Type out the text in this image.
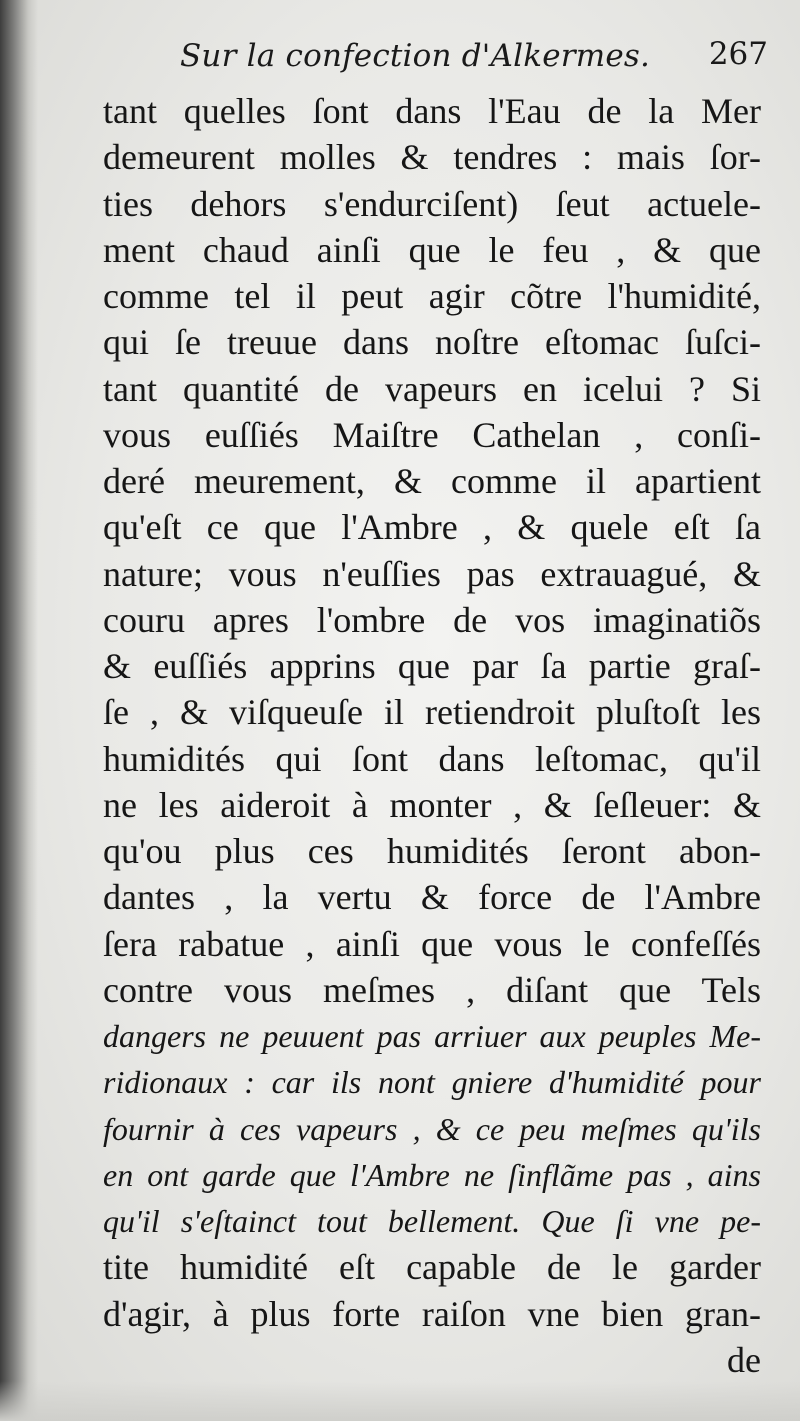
Sur la confection d'Alkermes. 267
tant quelles ſont dans l'Eau de la Mer
demeurent molles & tendres : mais ſor-
ties dehors s'endurciſent) ſeut actuele-
ment chaud ainſi que le feu , & que
comme tel il peut agir cõtre l'humidité,
qui ſe treuue dans noſtre eſtomac ſuſci-
tant quantité de vapeurs en icelui ? Si
vous euſſiés Maiſtre Cathelan , conſi-
deré meurement, & comme il apartient
qu'eſt ce que l'Ambre , & quele eſt ſa
nature; vous n'euſſies pas extrauagué, &
couru apres l'ombre de vos imaginatiõs
& euſſiés apprins que par ſa partie graſ-
ſe , & viſqueuſe il retiendroit pluſtoſt les
humidités qui ſont dans leſtomac, qu'il
ne les aideroit à monter , & ſeſleuer: &
qu'ou plus ces humidités ſeront abon-
dantes , la vertu & force de l'Ambre
ſera rabatue , ainſi que vous le confeſſés
contre vous meſmes , diſant que Tels
dangers ne peuuent pas arriuer aux peuples Me-
ridionaux : car ils nont gniere d'humidité pour
fournir à ces vapeurs , & ce peu meſmes qu'ils
en ont garde que l'Ambre ne ſinflãme pas , ains
qu'il s'eſtainct tout bellement. Que ſi vne pe-
tite humidité eſt capable de le garder
d'agir, à plus forte raiſon vne bien gran-
de
